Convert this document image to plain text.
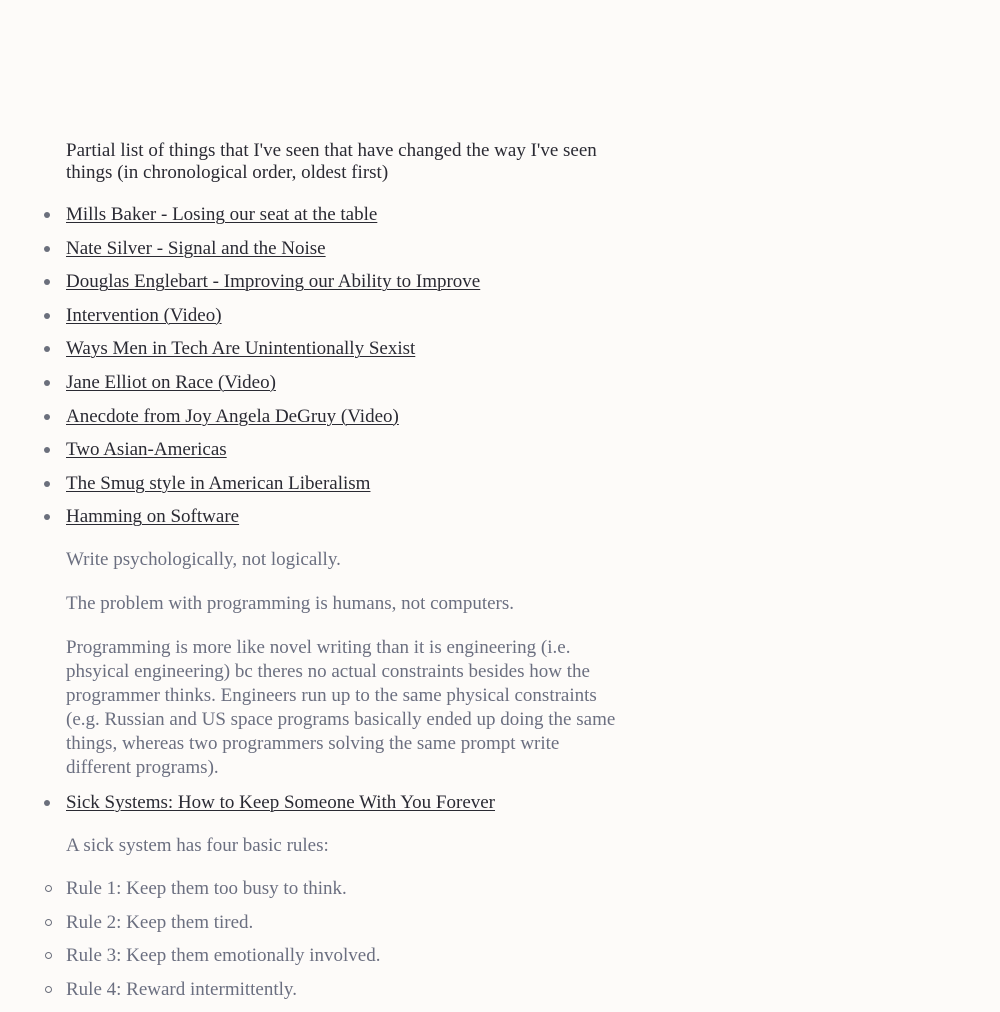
Partial list of things that I've seen that have changed the way I've seen things (in chronological order, oldest first)

Mills Baker - Losing our seat at the table
Nate Silver - Signal and the Noise
Douglas Englebart - Improving our Ability to Improve
Intervention (Video)
Ways Men in Tech Are Unintentionally Sexist
Jane Elliot on Race (Video)
Anecdote from Joy Angela DeGruy (Video)
Two Asian-Americas
The Smug style in American Liberalism
Hamming on Software

Write psychologically, not logically.

The problem with programming is humans, not computers.

Programming is more like novel writing than it is engineering (i.e. phsyical engineering) bc theres no actual constraints besides how the programmer thinks. Engineers run up to the same physical constraints (e.g. Russian and US space programs basically ended up doing the same things, whereas two programmers solving the same prompt write different programs).

Sick Systems: How to Keep Someone With You Forever

A sick system has four basic rules:

Rule 1: Keep them too busy to think.
Rule 2: Keep them tired.
Rule 3: Keep them emotionally involved.
Rule 4: Reward intermittently.
